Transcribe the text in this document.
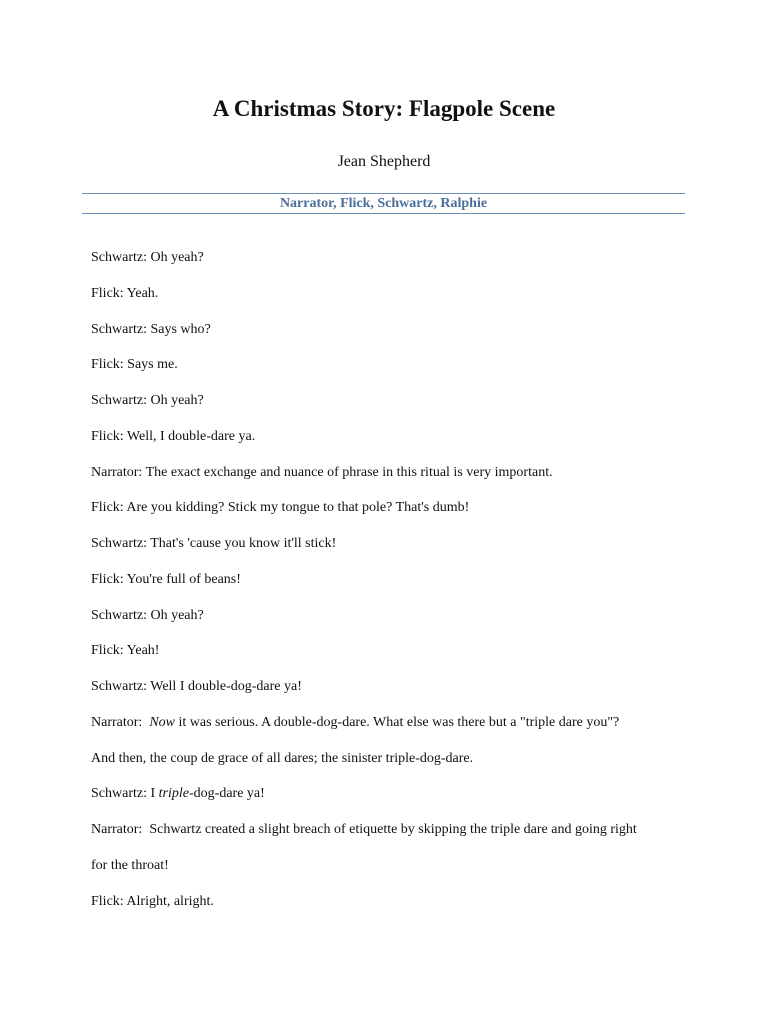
A Christmas Story: Flagpole Scene
Jean Shepherd
Narrator, Flick, Schwartz, Ralphie
Schwartz: Oh yeah?
Flick: Yeah.
Schwartz: Says who?
Flick: Says me.
Schwartz: Oh yeah?
Flick: Well, I double-dare ya.
Narrator: The exact exchange and nuance of phrase in this ritual is very important.
Flick: Are you kidding? Stick my tongue to that pole? That's dumb!
Schwartz: That's 'cause you know it'll stick!
Flick: You're full of beans!
Schwartz: Oh yeah?
Flick: Yeah!
Schwartz: Well I double-dog-dare ya!
Narrator: Now it was serious. A double-dog-dare. What else was there but a "triple dare you"?
And then, the coup de grace of all dares; the sinister triple-dog-dare.
Schwartz: I triple-dog-dare ya!
Narrator: Schwartz created a slight breach of etiquette by skipping the triple dare and going right
for the throat!
Flick: Alright, alright.
